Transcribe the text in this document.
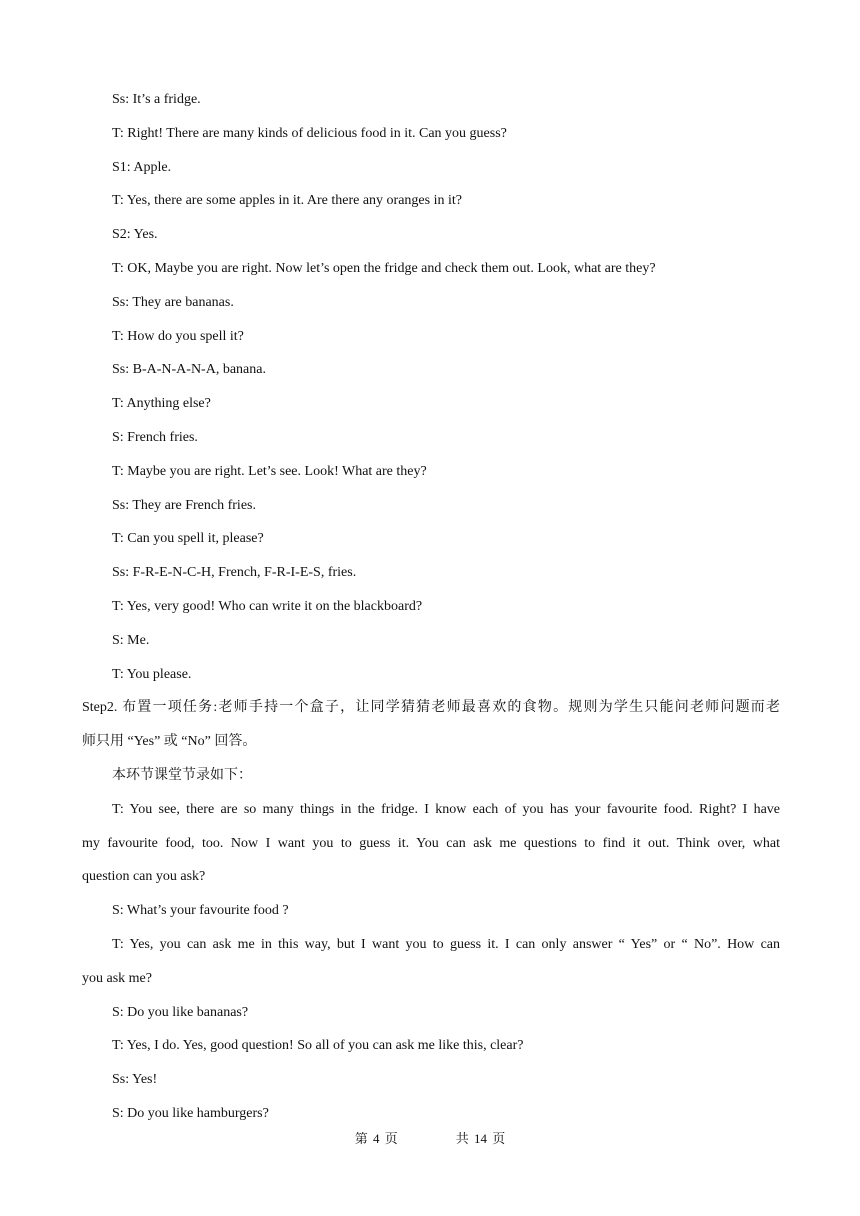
Ss: It’s a fridge.
T: Right! There are many kinds of delicious food in it. Can you guess?
S1: Apple.
T: Yes, there are some apples in it. Are there any oranges in it?
S2: Yes.
T: OK, Maybe you are right. Now let’s open the fridge and check them out. Look, what are they?
Ss: They are bananas.
T: How do you spell it?
Ss: B-A-N-A-N-A, banana.
T: Anything else?
S: French fries.
T: Maybe you are right. Let’s see. Look! What are they?
Ss: They are French fries.
T: Can you spell it, please?
Ss: F-R-E-N-C-H, French, F-R-I-E-S, fries.
T: Yes, very good! Who can write it on the blackboard?
S: Me.
T: You please.
Step2. 布置一项任务:老师手持一个盒子，让同学猜猜老师最喜欢的食物。规则为学生只能问老师问题而老
师只用 “Yes” 或 “No” 回答。
本环节课堂节录如下：
T: You see, there are so many things in the fridge. I know each of you has your favourite food. Right? I have
my favourite food, too. Now I want you to guess it. You can ask me questions to find it out. Think over, what
question can you ask?
S: What’s your favourite food ?
T: Yes, you can ask me in this way, but I want you to guess it. I can only answer “ Yes” or “ No”. How can
you ask me?
S: Do you like bananas?
T: Yes, I do. Yes, good question! So all of you can ask me like this, clear?
Ss: Yes!
S: Do you like hamburgers?
第 4 页	共 14 页
